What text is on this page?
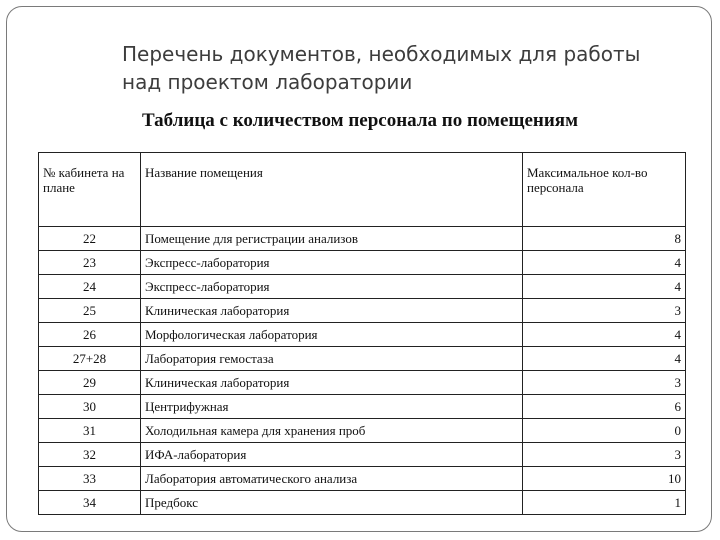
Перечень документов, необходимых для работы
над проектом лаборатории
Таблица с количеством персонала по помещениям
№ кабинета на плане	Название помещения	Максимальное кол-во персонала
22	Помещение для регистрации анализов	8
23	Экспресс-лаборатория	4
24	Экспресс-лаборатория	4
25	Клиническая лаборатория	3
26	Морфологическая лаборатория	4
27+28	Лаборатория гемостаза	4
29	Клиническая лаборатория	3
30	Центрифужная	6
31	Холодильная камера для хранения проб	0
32	ИФА-лаборатория	3
33	Лаборатория автоматического анализа	10
34	Предбокс	1
